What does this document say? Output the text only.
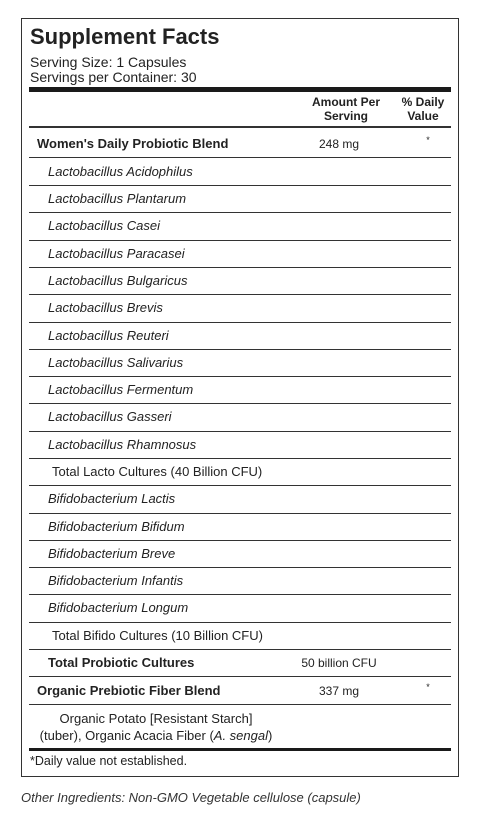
Supplement Facts
Serving Size: 1 Capsules
Servings per Container: 30
Amount Per
Serving
% Daily
Value
Women's Daily Probiotic Blend	248 mg	*
Lactobacillus Acidophilus
Lactobacillus Plantarum
Lactobacillus Casei
Lactobacillus Paracasei
Lactobacillus Bulgaricus
Lactobacillus Brevis
Lactobacillus Reuteri
Lactobacillus Salivarius
Lactobacillus Fermentum
Lactobacillus Gasseri
Lactobacillus Rhamnosus
Total Lacto Cultures (40 Billion CFU)
Bifidobacterium Lactis
Bifidobacterium Bifidum
Bifidobacterium Breve
Bifidobacterium Infantis
Bifidobacterium Longum
Total Bifido Cultures (10 Billion CFU)
Total Probiotic Cultures	50 billion CFU
Organic Prebiotic Fiber Blend	337 mg	*
Organic Potato [Resistant Starch]
(tuber), Organic Acacia Fiber (A. sengal)
*Daily value not established.
Other Ingredients: Non-GMO Vegetable cellulose (capsule)
